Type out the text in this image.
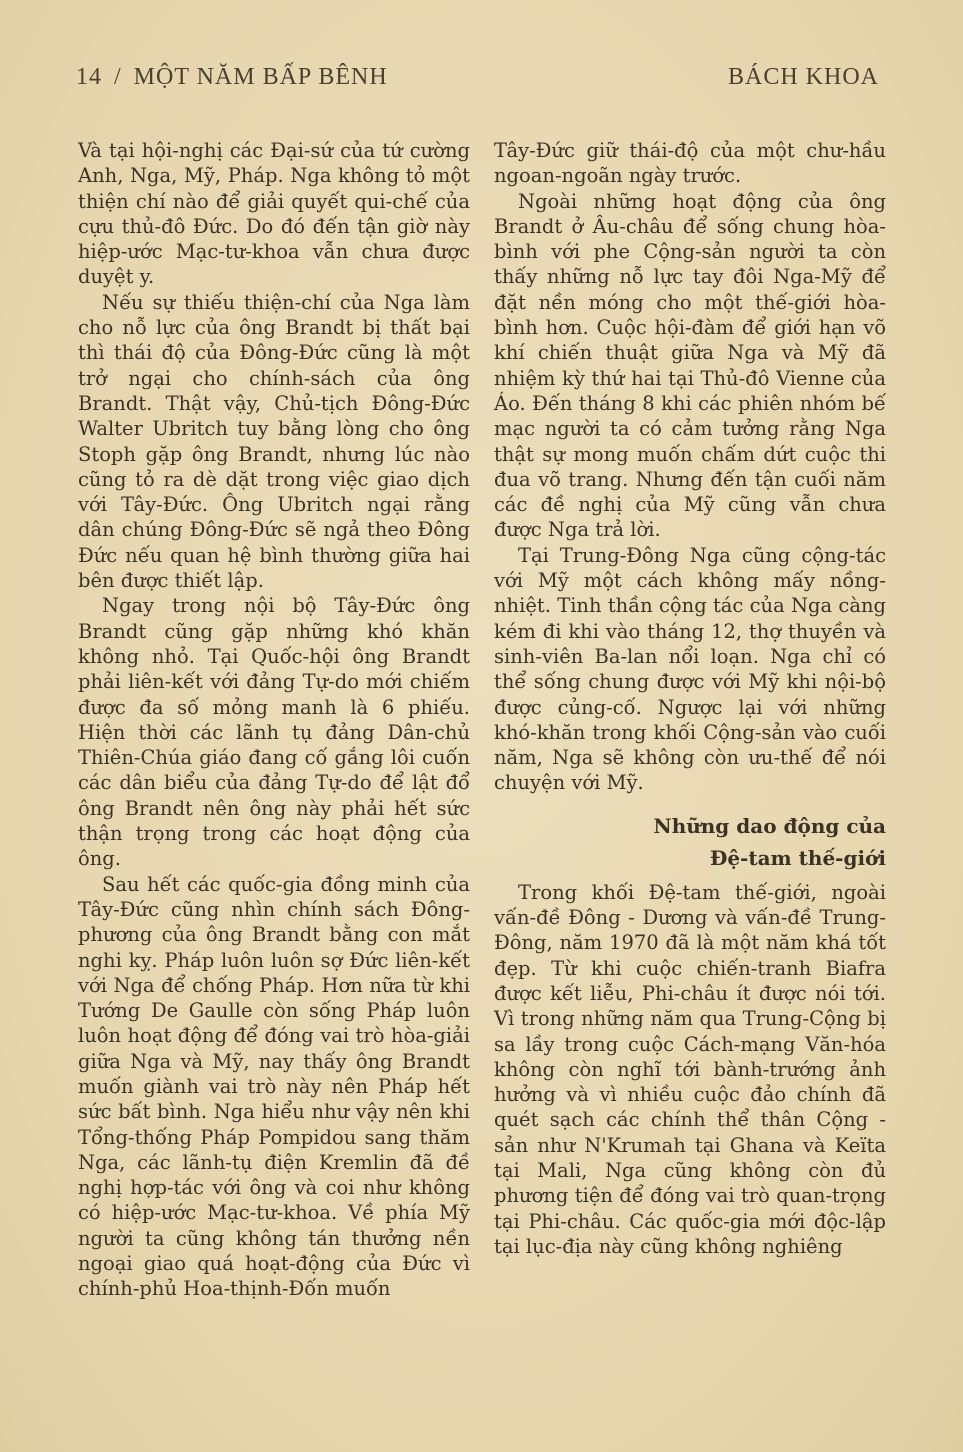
14 / MỘT NĂM BẤP BÊNH	BÁCH KHOA

Và tại hội-nghị các Đại-sứ của tứ cường Anh, Nga, Mỹ, Pháp. Nga không tỏ một thiện chí nào để giải quyết qui-chế của cựu thủ-đô Đức. Do đó đến tận giờ này hiệp-ước Mạc-tư-khoa vẫn chưa được duyệt y.

Nếu sự thiếu thiện-chí của Nga làm cho nỗ lực của ông Brandt bị thất bại thì thái độ của Đông-Đức cũng là một trở ngại cho chính-sách của ông Brandt. Thật vậy, Chủ-tịch Đông-Đức Walter Ubritch tuy bằng lòng cho ông Stoph gặp ông Brandt, nhưng lúc nào cũng tỏ ra dè dặt trong việc giao dịch với Tây-Đức. Ông Ubritch ngại rằng dân chúng Đông-Đức sẽ ngả theo Đông Đức nếu quan hệ bình thường giữa hai bên được thiết lập.

Ngay trong nội bộ Tây-Đức ông Brandt cũng gặp những khó khăn không nhỏ. Tại Quốc-hội ông Brandt phải liên-kết với đảng Tự-do mới chiếm được đa số mỏng manh là 6 phiếu. Hiện thời các lãnh tụ đảng Dân-chủ Thiên-Chúa giáo đang cố gắng lôi cuốn các dân biểu của đảng Tự-do để lật đổ ông Brandt nên ông này phải hết sức thận trọng trong các hoạt động của ông.

Sau hết các quốc-gia đồng minh của Tây-Đức cũng nhìn chính sách Đông-phương của ông Brandt bằng con mắt nghi kỵ. Pháp luôn luôn sợ Đức liên-kết với Nga để chống Pháp. Hơn nữa từ khi Tướng De Gaulle còn sống Pháp luôn luôn hoạt động để đóng vai trò hòa-giải giữa Nga và Mỹ, nay thấy ông Brandt muốn giành vai trò này nên Pháp hết sức bất bình. Nga hiểu như vậy nên khi Tổng-thống Pháp Pompidou sang thăm Nga, các lãnh-tụ điện Kremlin đã đề nghị hợp-tác với ông và coi như không có hiệp-ước Mạc-tư-khoa. Về phía Mỹ người ta cũng không tán thưởng nền ngoại giao quá hoạt-động của Đức vì chính-phủ Hoa-thịnh-Đốn muốn

Tây-Đức giữ thái-độ của một chư-hầu ngoan-ngoãn ngày trước.

Ngoài những hoạt động của ông Brandt ở Âu-châu để sống chung hòa-bình với phe Cộng-sản người ta còn thấy những nỗ lực tay đôi Nga-Mỹ để đặt nền móng cho một thế-giới hòa-bình hơn. Cuộc hội-đàm để giới hạn võ khí chiến thuật giữa Nga và Mỹ đã nhiệm kỳ thứ hai tại Thủ-đô Vienne của Áo. Đến tháng 8 khi các phiên nhóm bế mạc người ta có cảm tưởng rằng Nga thật sự mong muốn chấm dứt cuộc thi đua võ trang. Nhưng đến tận cuối năm các đề nghị của Mỹ cũng vẫn chưa được Nga trả lời.

Tại Trung-Đông Nga cũng cộng-tác với Mỹ một cách không mấy nồng-nhiệt. Tinh thần cộng tác của Nga càng kém đi khi vào tháng 12, thợ thuyền và sinh-viên Ba-lan nổi loạn. Nga chỉ có thể sống chung được với Mỹ khi nội-bộ được củng-cố. Ngược lại với những khó-khăn trong khối Cộng-sản vào cuối năm, Nga sẽ không còn ưu-thế để nói chuyện với Mỹ.

Những dao động của
Đệ-tam thế-giới

Trong khối Đệ-tam thế-giới, ngoài vấn-đề Đông - Dương và vấn-đề Trung-Đông, năm 1970 đã là một năm khá tốt đẹp. Từ khi cuộc chiến-tranh Biafra được kết liễu, Phi-châu ít được nói tới. Vì trong những năm qua Trung-Cộng bị sa lầy trong cuộc Cách-mạng Văn-hóa không còn nghĩ tới bành-trướng ảnh hưởng và vì nhiều cuộc đảo chính đã quét sạch các chính thể thân Cộng - sản như N'Krumah tại Ghana và Keïta tại Mali, Nga cũng không còn đủ phương tiện để đóng vai trò quan-trọng tại Phi-châu. Các quốc-gia mới độc-lập tại lục-địa này cũng không nghiêng
